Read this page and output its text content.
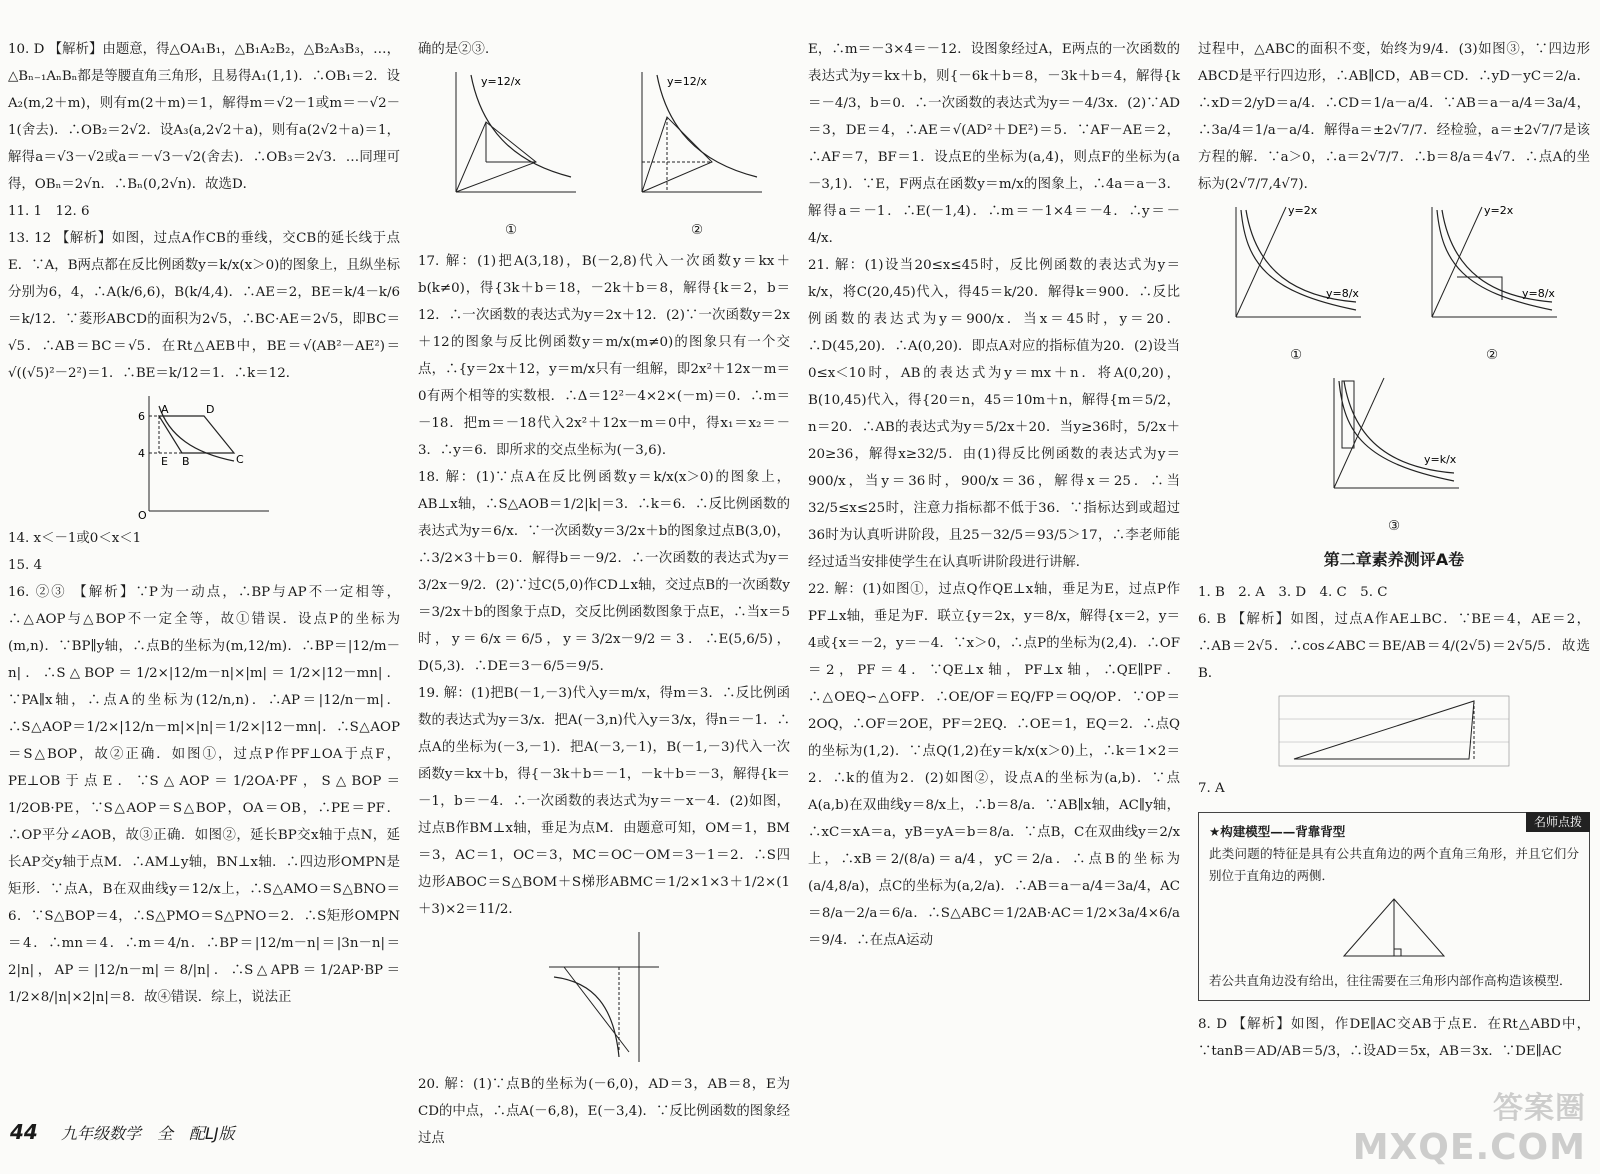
10. D 【解析】由题意，得△OA₁B₁，△B₁A₂B₂，△B₂A₃B₃，…，△Bₙ₋₁AₙBₙ都是等腰直角三角形，且易得A₁(1,1)．∴OB₁＝2．设A₂(m,2＋m)，则有m(2＋m)＝1，解得m＝√2－1或m＝－√2－1(舍去)．∴OB₂＝2√2．设A₃(a,2√2＋a)，则有a(2√2＋a)＝1，解得a＝√3－√2或a＝－√3－√2(舍去)．∴OB₃＝2√3．…同理可得，OBₙ＝2√n．∴Bₙ(0,2√n)．故选D．

11. 1　12. 6

13. 12 【解析】如图，过点A作CB的垂线，交CB的延长线于点E．∵A，B两点都在反比例函数y＝k/x(x＞0)的图象上，且纵坐标分别为6，4，∴A(k/6,6)，B(k/4,4)．∴AE＝2，BE＝k/4－k/6＝k/12．∵菱形ABCD的面积为2√5，∴BC·AE＝2√5，即BC＝√5．∴AB＝BC＝√5．在Rt△AEB中，BE＝√(AB²－AE²)＝√((√5)²－2²)＝1．∴BE＝k/12＝1．∴k＝12．

A	D
C
B
E
6
4
O

14. x＜－1或0＜x＜1

15. 4

16. ②③ 【解析】∵P为一动点，∴BP与AP不一定相等，∴△AOP与△BOP不一定全等，故①错误．设点P的坐标为(m,n)．∵BP∥y轴，∴点B的坐标为(m,12/m)．∴BP＝|12/m－n|．∴S△BOP＝1/2×|12/m－n|×|m|＝1/2×|12－mn|．∵PA∥x轴，∴点A的坐标为(12/n,n)．∴AP＝|12/n－m|．∴S△AOP＝1/2×|12/n－m|×|n|＝1/2×|12－mn|．∴S△AOP＝S△BOP，故②正确．如图①，过点P作PF⊥OA于点F，PE⊥OB于点E．∵S△AOP＝1/2OA·PF，S△BOP＝1/2OB·PE，∵S△AOP＝S△BOP，OA＝OB，∴PE＝PF．∴OP平分∠AOB，故③正确．如图②，延长BP交x轴于点N，延长AP交y轴于点M．∴AM⊥y轴，BN⊥x轴．∴四边形OMPN是矩形．∵点A，B在双曲线y＝12/x上，∴S△AMO＝S△BNO＝6．∵S△BOP＝4，∴S△PMO＝S△PNO＝2．∴S矩形OMPN＝4．∴mn＝4．∴m＝4/n．∴BP＝|12/m－n|＝|3n－n|＝2|n|，AP＝|12/n－m|＝8/|n|．∴S△APB＝1/2AP·BP＝1/2×8/|n|×2|n|＝8．故④错误．综上，说法正

确的是②③．

y=12/x
①
y=12/x
②

17. 解：(1)把A(3,18)，B(－2,8)代入一次函数y＝kx＋b(k≠0)，得{3k＋b＝18，－2k＋b＝8，解得{k＝2，b＝12．∴一次函数的表达式为y＝2x＋12．(2)∵一次函数y＝2x＋12的图象与反比例函数y＝m/x(m≠0)的图象只有一个交点，∴{y＝2x＋12，y＝m/x只有一组解，即2x²＋12x－m＝0有两个相等的实数根．∴Δ＝12²－4×2×(－m)＝0．∴m＝－18．把m＝－18代入2x²＋12x－m＝0中，得x₁＝x₂＝－3．∴y＝6．即所求的交点坐标为(－3,6)．

18. 解：(1)∵点A在反比例函数y＝k/x(x＞0)的图象上，AB⊥x轴，∴S△AOB＝1/2|k|＝3．∴k＝6．∴反比例函数的表达式为y＝6/x．∵一次函数y＝3/2x＋b的图象过点B(3,0)，∴3/2×3＋b＝0．解得b＝－9/2．∴一次函数的表达式为y＝3/2x－9/2．(2)∵过C(5,0)作CD⊥x轴，交过点B的一次函数y＝3/2x＋b的图象于点D，交反比例函数图象于点E，∴当x＝5时，y＝6/x＝6/5，y＝3/2x－9/2＝3．∴E(5,6/5)，D(5,3)．∴DE＝3－6/5＝9/5．

19. 解：(1)把B(－1,－3)代入y＝m/x，得m＝3．∴反比例函数的表达式为y＝3/x．把A(－3,n)代入y＝3/x，得n＝－1．∴点A的坐标为(－3,－1)．把A(－3,－1)，B(－1,－3)代入一次函数y＝kx＋b，得{－3k＋b＝－1，－k＋b＝－3，解得{k＝－1，b＝－4．∴一次函数的表达式为y＝－x－4．(2)如图，过点B作BM⊥x轴，垂足为点M．由题意可知，OM＝1，BM＝3，AC＝1，OC＝3，MC＝OC－OM＝3－1＝2．∴S四边形ABOC＝S△BOM＋S梯形ABMC＝1/2×1×3＋1/2×(1＋3)×2＝11/2．

20. 解：(1)∵点B的坐标为(－6,0)，AD＝3，AB＝8，E为CD的中点，∴点A(－6,8)，E(－3,4)．∵反比例函数的图象经过点

E，∴m＝－3×4＝－12．设图象经过A，E两点的一次函数的表达式为y＝kx＋b，则{－6k＋b＝8，－3k＋b＝4，解得{k＝－4/3，b＝0．∴一次函数的表达式为y＝－4/3x．(2)∵AD＝3，DE＝4，∴AE＝√(AD²＋DE²)＝5．∵AF－AE＝2，∴AF＝7，BF＝1．设点E的坐标为(a,4)，则点F的坐标为(a－3,1)．∵E，F两点在函数y＝m/x的图象上，∴4a＝a－3．解得a＝－1．∴E(－1,4)．∴m＝－1×4＝－4．∴y＝－4/x．

21. 解：(1)设当20≤x≤45时，反比例函数的表达式为y＝k/x，将C(20,45)代入，得45＝k/20．解得k＝900．∴反比例函数的表达式为y＝900/x．当x＝45时，y＝20．∴D(45,20)．∴A(0,20)．即点A对应的指标值为20．(2)设当0≤x＜10时，AB的表达式为y＝mx＋n．将A(0,20)，B(10,45)代入，得{20＝n，45＝10m＋n，解得{m＝5/2，n＝20．∴AB的表达式为y＝5/2x＋20．当y≥36时，5/2x＋20≥36，解得x≥32/5．由(1)得反比例函数的表达式为y＝900/x，当y＝36时，900/x＝36，解得x＝25．∴当32/5≤x≤25时，注意力指标都不低于36．∵指标达到或超过36时为认真听讲阶段，且25－32/5＝93/5＞17，∴李老师能经过适当安排使学生在认真听讲阶段进行讲解．

22. 解：(1)如图①，过点Q作QE⊥x轴，垂足为E，过点P作PF⊥x轴，垂足为F．联立{y＝2x，y＝8/x，解得{x＝2，y＝4或{x＝－2，y＝－4．∵x＞0，∴点P的坐标为(2,4)．∴OF＝2，PF＝4．∵QE⊥x轴，PF⊥x轴，∴QE∥PF．∴△OEQ∽△OFP．∴OE/OF＝EQ/FP＝OQ/OP．∵OP＝2OQ，∴OF＝2OE，PF＝2EQ．∴OE＝1，EQ＝2．∴点Q的坐标为(1,2)．∵点Q(1,2)在y＝k/x(x＞0)上，∴k＝1×2＝2．∴k的值为2．(2)如图②，设点A的坐标为(a,b)．∵点A(a,b)在双曲线y＝8/x上，∴b＝8/a．∵AB∥x轴，AC∥y轴，∴xC＝xA＝a，yB＝yA＝b＝8/a．∵点B，C在双曲线y＝2/x上，∴xB＝2/(8/a)＝a/4，yC＝2/a．∴点B的坐标为(a/4,8/a)，点C的坐标为(a,2/a)．∴AB＝a－a/4＝3a/4，AC＝8/a－2/a＝6/a．∴S△ABC＝1/2AB·AC＝1/2×3a/4×6/a＝9/4．∴在点A运动

过程中，△ABC的面积不变，始终为9/4．(3)如图③，∵四边形ABCD是平行四边形，∴AB∥CD，AB＝CD．∴yD－yC＝2/a．∴xD＝2/yD＝a/4．∴CD＝1/a－a/4．∵AB＝a－a/4＝3a/4，∴3a/4＝1/a－a/4．解得a＝±2√7/7．经检验，a＝±2√7/7是该方程的解．∵a＞0，∴a＝2√7/7．∴b＝8/a＝4√7．∴点A的坐标为(2√7/7,4√7)．

y=2x
y=8/x
①
y=2x
y=8/x
②
y=k/x
③
第二章素养测评A卷

1. B　2. A　3. D　4. C　5. C

6. B 【解析】如图，过点A作AE⊥BC．∵BE＝4，AE＝2，∴AB＝2√5．∴cos∠ABC＝BE/AB＝4/(2√5)＝2√5/5．故选B．

7. A

名师点拨
★构建模型——背靠背型
此类问题的特征是具有公共直角边的两个直角三角形，并且它们分别位于直角边的两侧．
若公共直角边没有给出，往往需要在三角形内部作高构造该模型．

8. D 【解析】如图，作DE∥AC交AB于点E．在Rt△ABD中，∵tanB＝AD/AB＝5/3，∴设AD＝5x，AB＝3x．∵DE∥AC

44 九年级数学　全　配LJ版
答案圈
MXQE.COM
